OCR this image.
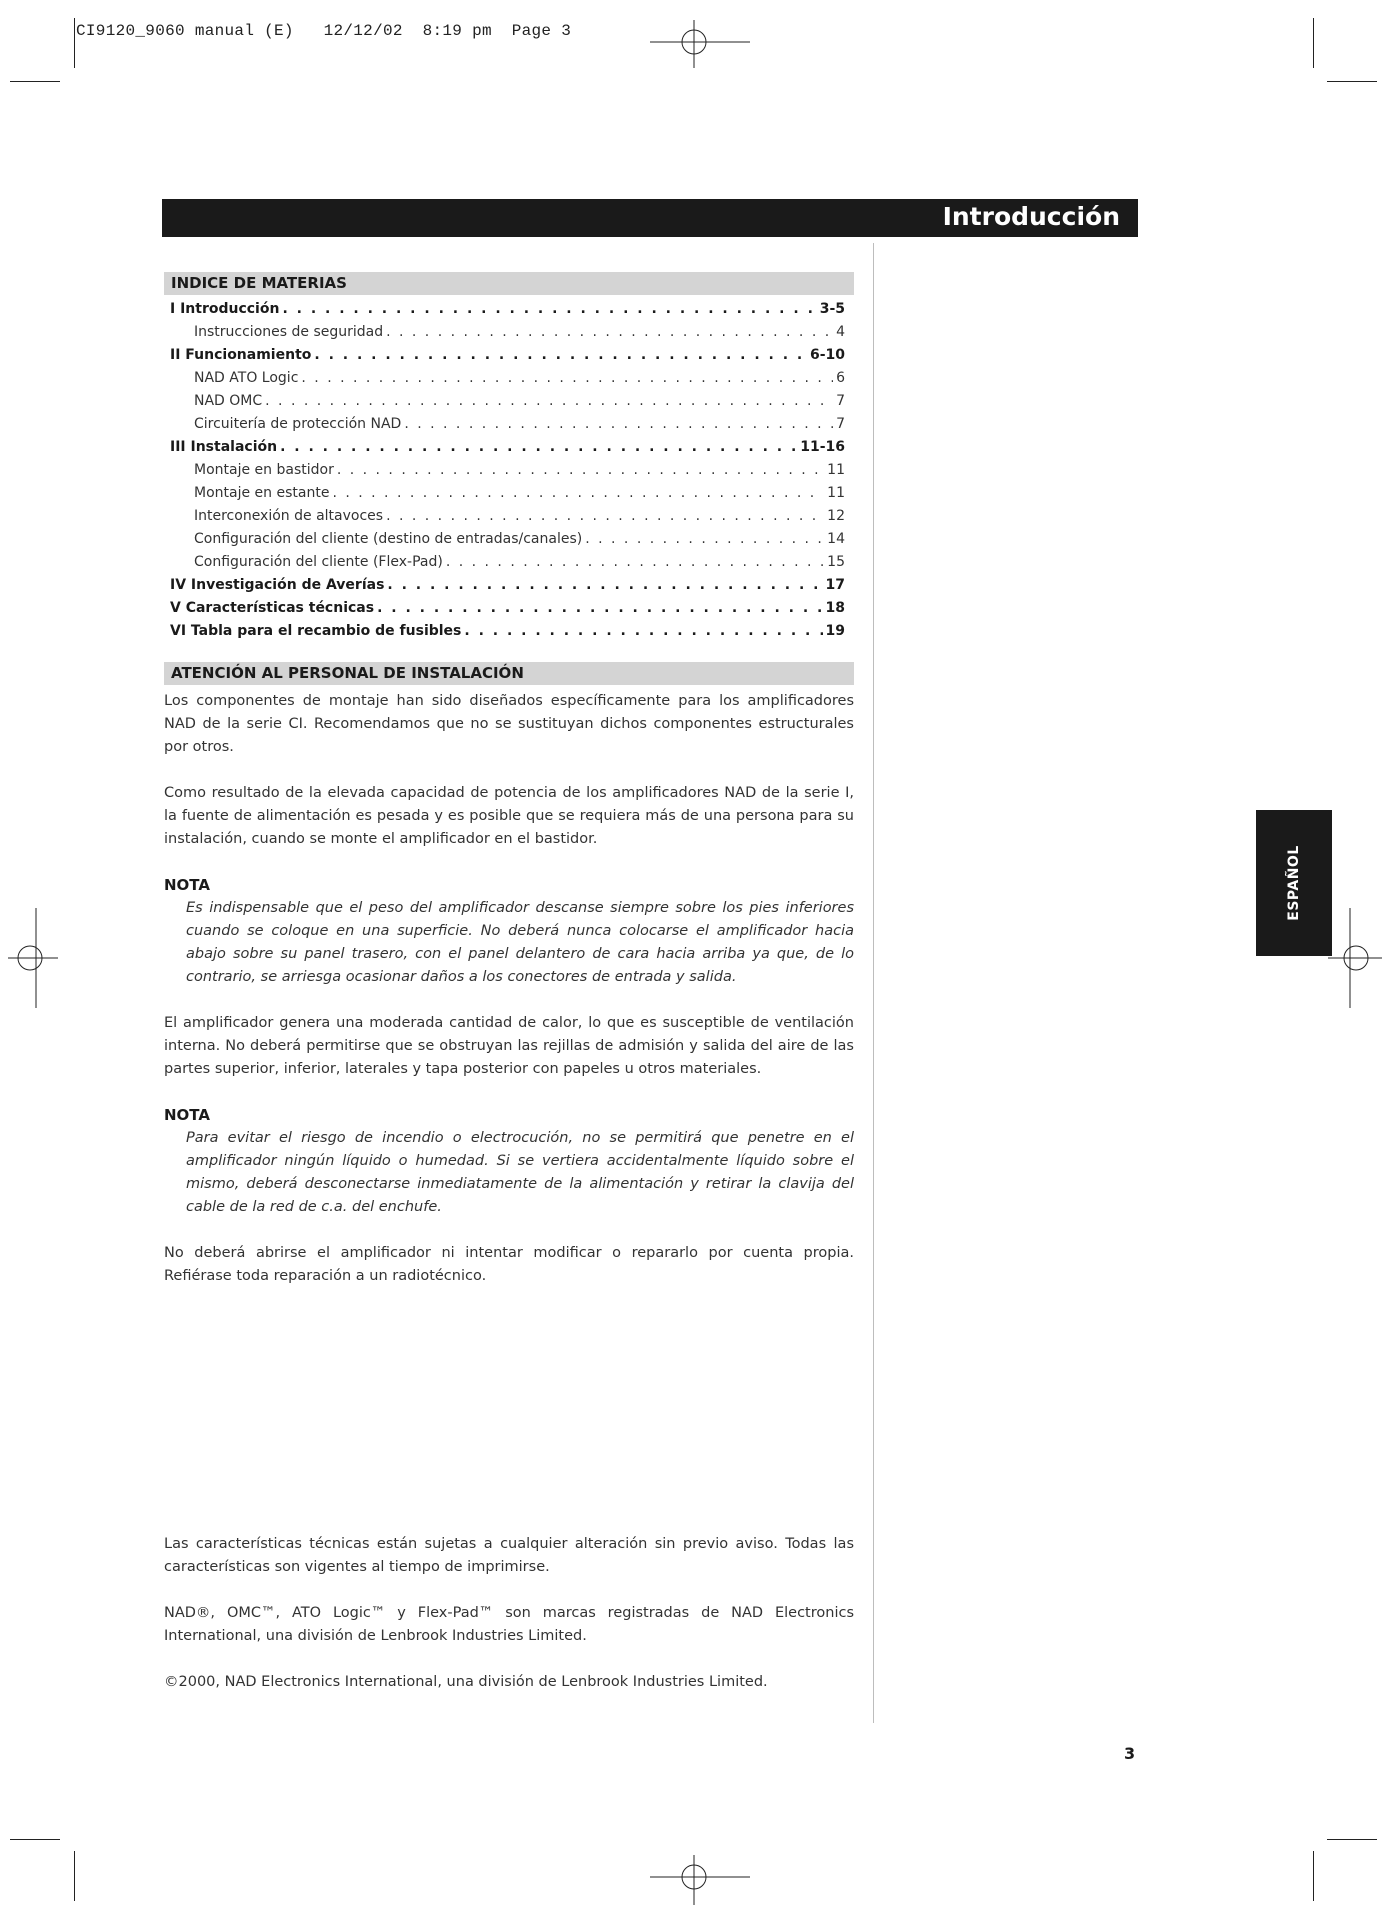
CI9120_9060 manual (E) 12/12/02 8:19 pm Page 3
Introducción
INDICE DE MATERIAS
I Introducción . . .	3-5
Instrucciones de seguridad . . .	4
II Funcionamiento . . .	6-10
NAD ATO Logic . . .	6
NAD OMC . . .	7
Circuitería de protección NAD . . .	7
III Instalación . . .	11-16
Montaje en bastidor . . .	11
Montaje en estante . . .	11
Interconexión de altavoces . . .	12
Configuración del cliente (destino de entradas/canales) . . .	14
Configuración del cliente (Flex-Pad) . . .	15
IV Investigación de Averías . . .	17
V Características técnicas . . .	18
VI Tabla para el recambio de fusibles . . .	19
ATENCIÓN AL PERSONAL DE INSTALACIÓN

Los componentes de montaje han sido diseñados específicamente para los amplificadores NAD de la serie CI. Recomendamos que no se sustituyan dichos componentes estructurales por otros.

Como resultado de la elevada capacidad de potencia de los amplificadores NAD de la serie I, la fuente de alimentación es pesada y es posible que se requiera más de una persona para su instalación, cuando se monte el amplificador en el bastidor.

NOTA

Es indispensable que el peso del amplificador descanse siempre sobre los pies inferiores cuando se coloque en una superficie. No deberá nunca colocarse el amplificador hacia abajo sobre su panel trasero, con el panel delantero de cara hacia arriba ya que, de lo contrario, se arriesga ocasionar daños a los conectores de entrada y salida.

El amplificador genera una moderada cantidad de calor, lo que es susceptible de ventilación interna. No deberá permitirse que se obstruyan las rejillas de admisión y salida del aire de las partes superior, inferior, laterales y tapa posterior con papeles u otros materiales.

NOTA

Para evitar el riesgo de incendio o electrocución, no se permitirá que penetre en el amplificador ningún líquido o humedad. Si se vertiera accidentalmente líquido sobre el mismo, deberá desconectarse inmediatamente de la alimentación y retirar la clavija del cable de la red de c.a. del enchufe.

No deberá abrirse el amplificador ni intentar modificar o repararlo por cuenta propia. Refiérase toda reparación a un radiotécnico.

Las características técnicas están sujetas a cualquier alteración sin previo aviso. Todas las características son vigentes al tiempo de imprimirse.

NAD®, OMC™, ATO Logic™ y Flex-Pad™ son marcas registradas de NAD Electronics International, una división de Lenbrook Industries Limited.

©2000, NAD Electronics International, una división de Lenbrook Industries Limited.

ESPAÑOL
3
